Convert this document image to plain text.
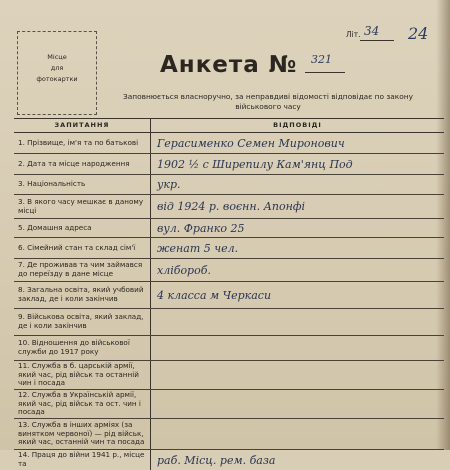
Місце
для
фотокартки
Літ. 34 24
Анкета № 321
Заповнюється власноручно, за неправдиві відомості відповідає по закону військового часу
ЗАПИТАННЯ	ВІДПОВІДІ
1. Прізвище, ім'я та по батькові	Герасименко Семен Миронович
2. Дата та місце народження	1902 ½ с Ширепилу Кам'янц Под
3. Національність	укр.
3. В якого часу мешкає в даному місці	від 1924 р. воєнн. Апонфі
5. Домашня адреса	вул. Франко 25
6. Сімейний стан та склад сім'ї	женат 5 чел.
7. Де проживав та чим займався до переїзду в дане місце	хлібороб.
8. Загальна освіта, який учбовий заклад, де і коли закінчив	4 класса м Черкаси
9. Військова освіта, який заклад, де і коли закінчив
10. Відношення до військової служби до 1917 року
11. Служба в б. царській армії, який час, рід військ та останній чин і посада
12. Служба в Українській армії, який час, рід військ та ост. чин і посада
13. Служба в інших арміях (за винятком червоної) — рід військ, який час, останній чин та посада
14. Праця до війни 1941 р., місце та	раб. Місц. рем. база
